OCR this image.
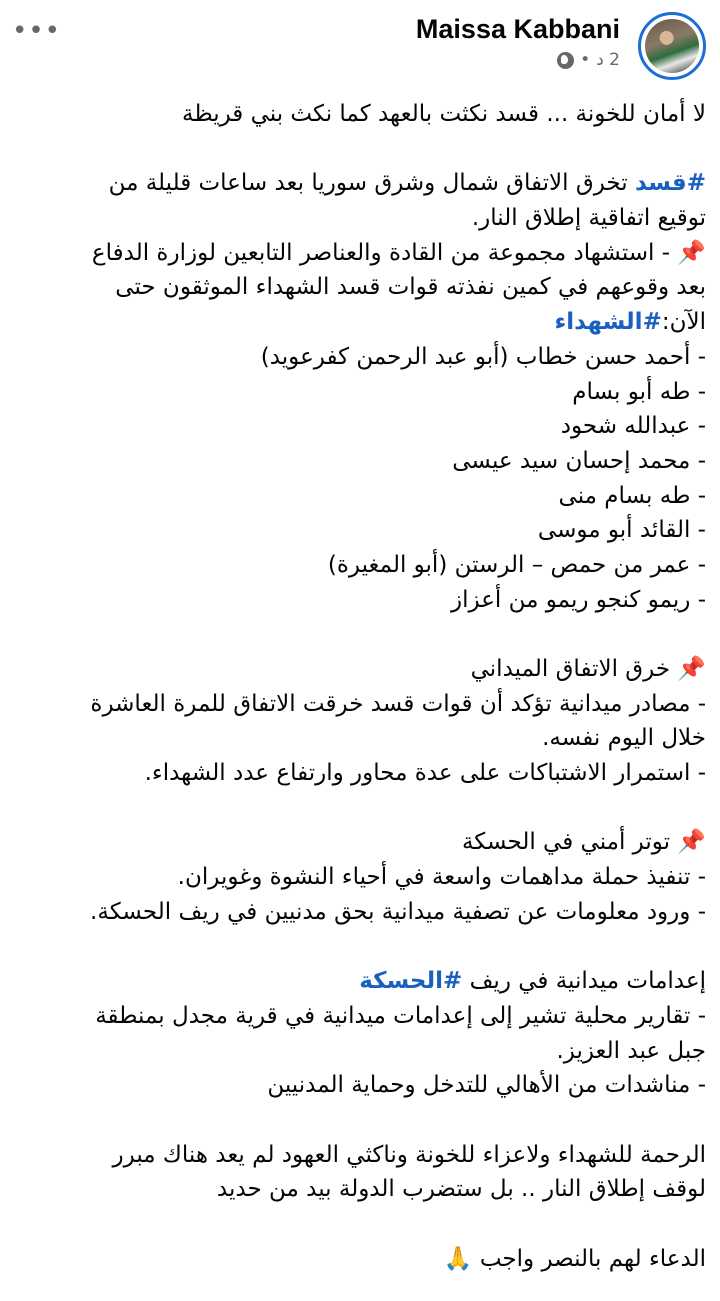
Maissa Kabbani
2 د
•
•••
لا أمان للخونة ... قسد نكثت بالعهد كما نكث بني قريظة
#قسد تخرق الاتفاق شمال وشرق سوريا بعد ساعات قليلة من
توقيع اتفاقية إطلاق النار.
📌 - استشهاد مجموعة من القادة والعناصر التابعين لوزارة الدفاع
بعد وقوعهم في كمين نفذته قوات قسد الشهداء الموثقون حتى
الآن:#الشهداء
- أحمد حسن خطاب (أبو عبد الرحمن كفرعويد)
- طه أبو بسام
- عبدالله شحود
- محمد إحسان سيد عيسى
- طه بسام منى
- القائد أبو موسى
- عمر من حمص – الرستن (أبو المغيرة)
- ريمو كنجو ريمو من أعزاز
📌 خرق الاتفاق الميداني
- مصادر ميدانية تؤكد أن قوات قسد خرقت الاتفاق للمرة العاشرة
خلال اليوم نفسه.
- استمرار الاشتباكات على عدة محاور وارتفاع عدد الشهداء.
📌 توتر أمني في الحسكة
- تنفيذ حملة مداهمات واسعة في أحياء النشوة وغويران.
- ورود معلومات عن تصفية ميدانية بحق مدنيين في ريف الحسكة.
إعدامات ميدانية في ريف #الحسكة
- تقارير محلية تشير إلى إعدامات ميدانية في قرية مجدل بمنطقة
جبل عبد العزيز.
- مناشدات من الأهالي للتدخل وحماية المدنيين
الرحمة للشهداء ولاعزاء للخونة وناكثي العهود لم يعد هناك مبرر
لوقف إطلاق النار .. بل ستضرب الدولة بيد من حديد
الدعاء لهم بالنصر واجب 🙏
